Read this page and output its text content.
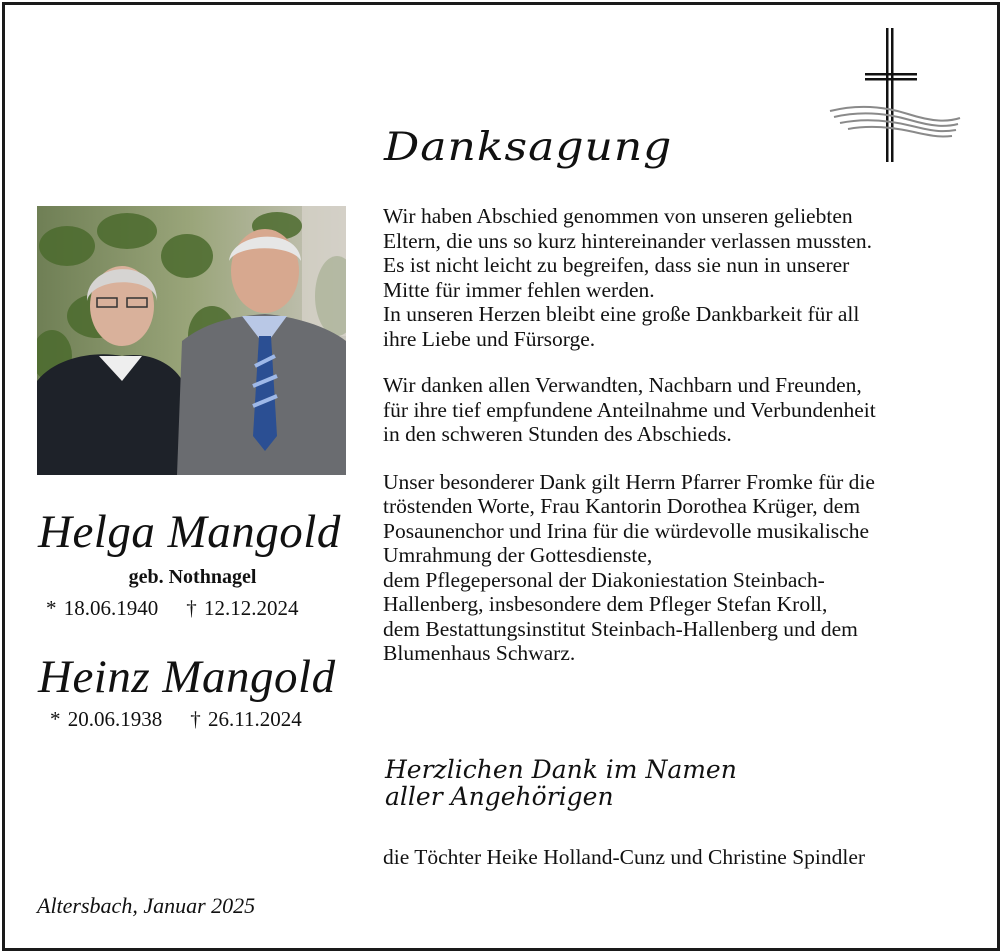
Danksagung

Wir haben Abschied genommen von unseren geliebten
Eltern, die uns so kurz hintereinander verlassen mussten.
Es ist nicht leicht zu begreifen, dass sie nun in unserer
Mitte für immer fehlen werden.
In unseren Herzen bleibt eine große Dankbarkeit für all
ihre Liebe und Fürsorge.

Wir danken allen Verwandten, Nachbarn und Freunden,
für ihre tief empfundene Anteilnahme und Verbundenheit
in den schweren Stunden des Abschieds.

Unser besonderer Dank gilt Herrn Pfarrer Fromke für die
tröstenden Worte, Frau Kantorin Dorothea Krüger, dem
Posaunenchor und Irina für die würdevolle musikalische
Umrahmung der Gottesdienste,
dem Pflegepersonal der Diakoniestation Steinbach-
Hallenberg, insbesondere dem Pfleger Stefan Kroll,
dem Bestattungsinstitut Steinbach-Hallenberg und dem
Blumenhaus Schwarz.

Helga Mangold
geb. Nothnagel
* 18.06.1940 † 12.12.2024
Heinz Mangold
* 20.06.1938 † 26.11.2024
Herzlichen Dank im Namen
aller Angehörigen
die Töchter Heike Holland-Cunz und Christine Spindler
Altersbach, Januar 2025
